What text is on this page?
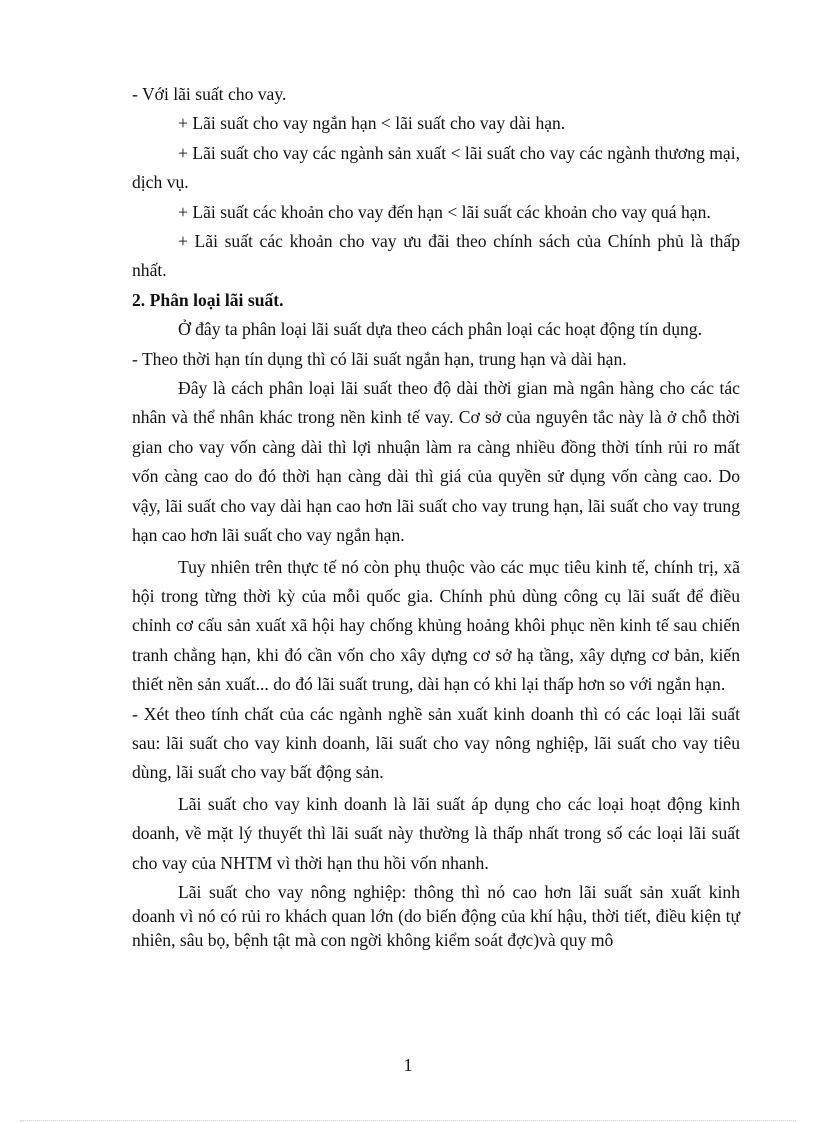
- Với lãi suất cho vay.

+ Lãi suất cho vay ngắn hạn < lãi suất cho vay dài hạn.

+ Lãi suất cho vay các ngành sản xuất < lãi suất cho vay các ngành thương mại, dịch vụ.

+ Lãi suất các khoản cho vay đến hạn < lãi suất các khoản cho vay quá hạn.

+ Lãi suất các khoản cho vay ưu đãi theo chính sách của Chính phủ là thấp nhất.

2. Phân loại lãi suất.

Ở đây ta phân loại lãi suất dựa theo cách phân loại các hoạt động tín dụng.

- Theo thời hạn tín dụng thì có lãi suất ngắn hạn, trung hạn và dài hạn.

Đây là cách phân loại lãi suất theo độ dài thời gian mà ngân hàng cho các tác nhân và thể nhân khác trong nền kinh tế vay. Cơ sở của nguyên tắc này là ở chỗ thời gian cho vay vốn càng dài thì lợi nhuận làm ra càng nhiều đồng thời tính rủi ro mất vốn càng cao do đó thời hạn càng dài thì giá của quyền sử dụng vốn càng cao. Do vậy, lãi suất cho vay dài hạn cao hơn lãi suất cho vay trung hạn, lãi suất cho vay trung hạn cao hơn lãi suất cho vay ngắn hạn.

Tuy nhiên trên thực tế nó còn phụ thuộc vào các mục tiêu kinh tế, chính trị, xã hội trong từng thời kỳ của mỗi quốc gia. Chính phủ dùng công cụ lãi suất để điều chỉnh cơ cấu sản xuất xã hội hay chống khủng hoảng khôi phục nền kinh tế sau chiến tranh chẳng hạn, khi đó cần vốn cho xây dựng cơ sở hạ tầng, xây dựng cơ bản, kiến thiết nền sản xuất... do đó lãi suất trung, dài hạn có khi lại thấp hơn so với ngắn hạn.

- Xét theo tính chất của các ngành nghề sản xuất kinh doanh thì có các loại lãi suất sau: lãi suất cho vay kinh doanh, lãi suất cho vay nông nghiệp, lãi suất cho vay tiêu dùng, lãi suất cho vay bất động sản.

Lãi suất cho vay kinh doanh là lãi suất áp dụng cho các loại hoạt động kinh doanh, về mặt lý thuyết thì lãi suất này thường là thấp nhất trong số các loại lãi suất cho vay của NHTM vì thời hạn thu hồi vốn nhanh.

Lãi suất cho vay nông nghiệp: thông thì nó cao hơn lãi suất sản xuất kinh doanh vì nó có rủi ro khách quan lớn (do biến động của khí hậu, thời tiết, điều kiện tự nhiên, sâu bọ, bệnh tật mà con ngời không kiểm soát đợc)và quy mô

1
